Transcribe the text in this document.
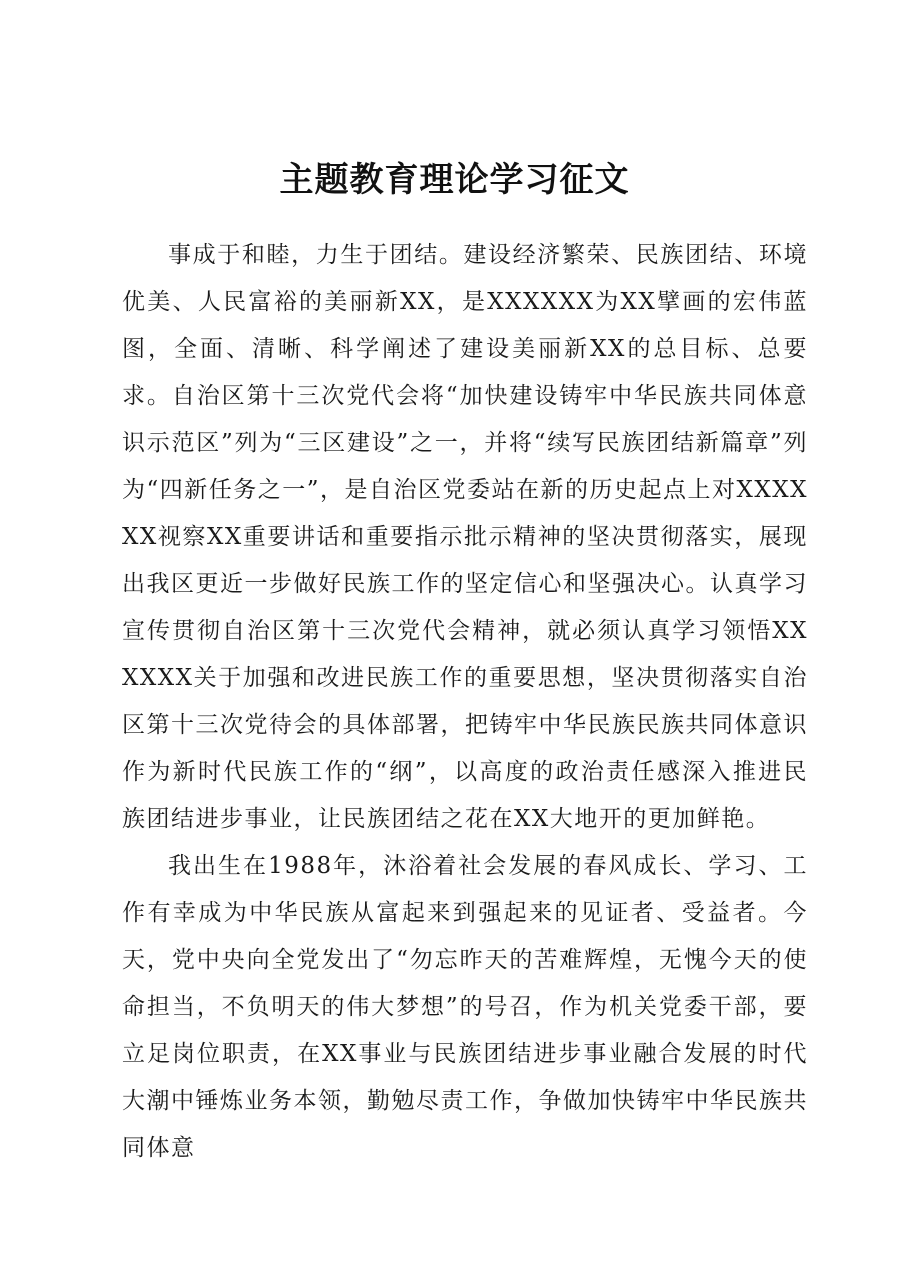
主题教育理论学习征文

事成于和睦，力生于团结。建设经济繁荣、民族团结、环境优美、人民富裕的美丽新XX，是XXXXXX为XX擘画的宏伟蓝图，全面、清晰、科学阐述了建设美丽新XX的总目标、总要求。自治区第十三次党代会将“加快建设铸牢中华民族共同体意识示范区”列为“三区建设”之一，并将“续写民族团结新篇章”列为“四新任务之一”，是自治区党委站在新的历史起点上对XXXXXX视察XX重要讲话和重要指示批示精神的坚决贯彻落实，展现出我区更近一步做好民族工作的坚定信心和坚强决心。认真学习宣传贯彻自治区第十三次党代会精神，就必须认真学习领悟XXXXXX关于加强和改进民族工作的重要思想，坚决贯彻落实自治区第十三次党待会的具体部署，把铸牢中华民族民族共同体意识作为新时代民族工作的“纲”，以高度的政治责任感深入推进民族团结进步事业，让民族团结之花在XX大地开的更加鲜艳。

我出生在1988年，沐浴着社会发展的春风成长、学习、工作有幸成为中华民族从富起来到强起来的见证者、受益者。今天，党中央向全党发出了“勿忘昨天的苦难辉煌，无愧今天的使命担当，不负明天的伟大梦想”的号召，作为机关党委干部，要立足岗位职责，在XX事业与民族团结进步事业融合发展的时代大潮中锤炼业务本领，勤勉尽责工作，争做加快铸牢中华民族共同体意
